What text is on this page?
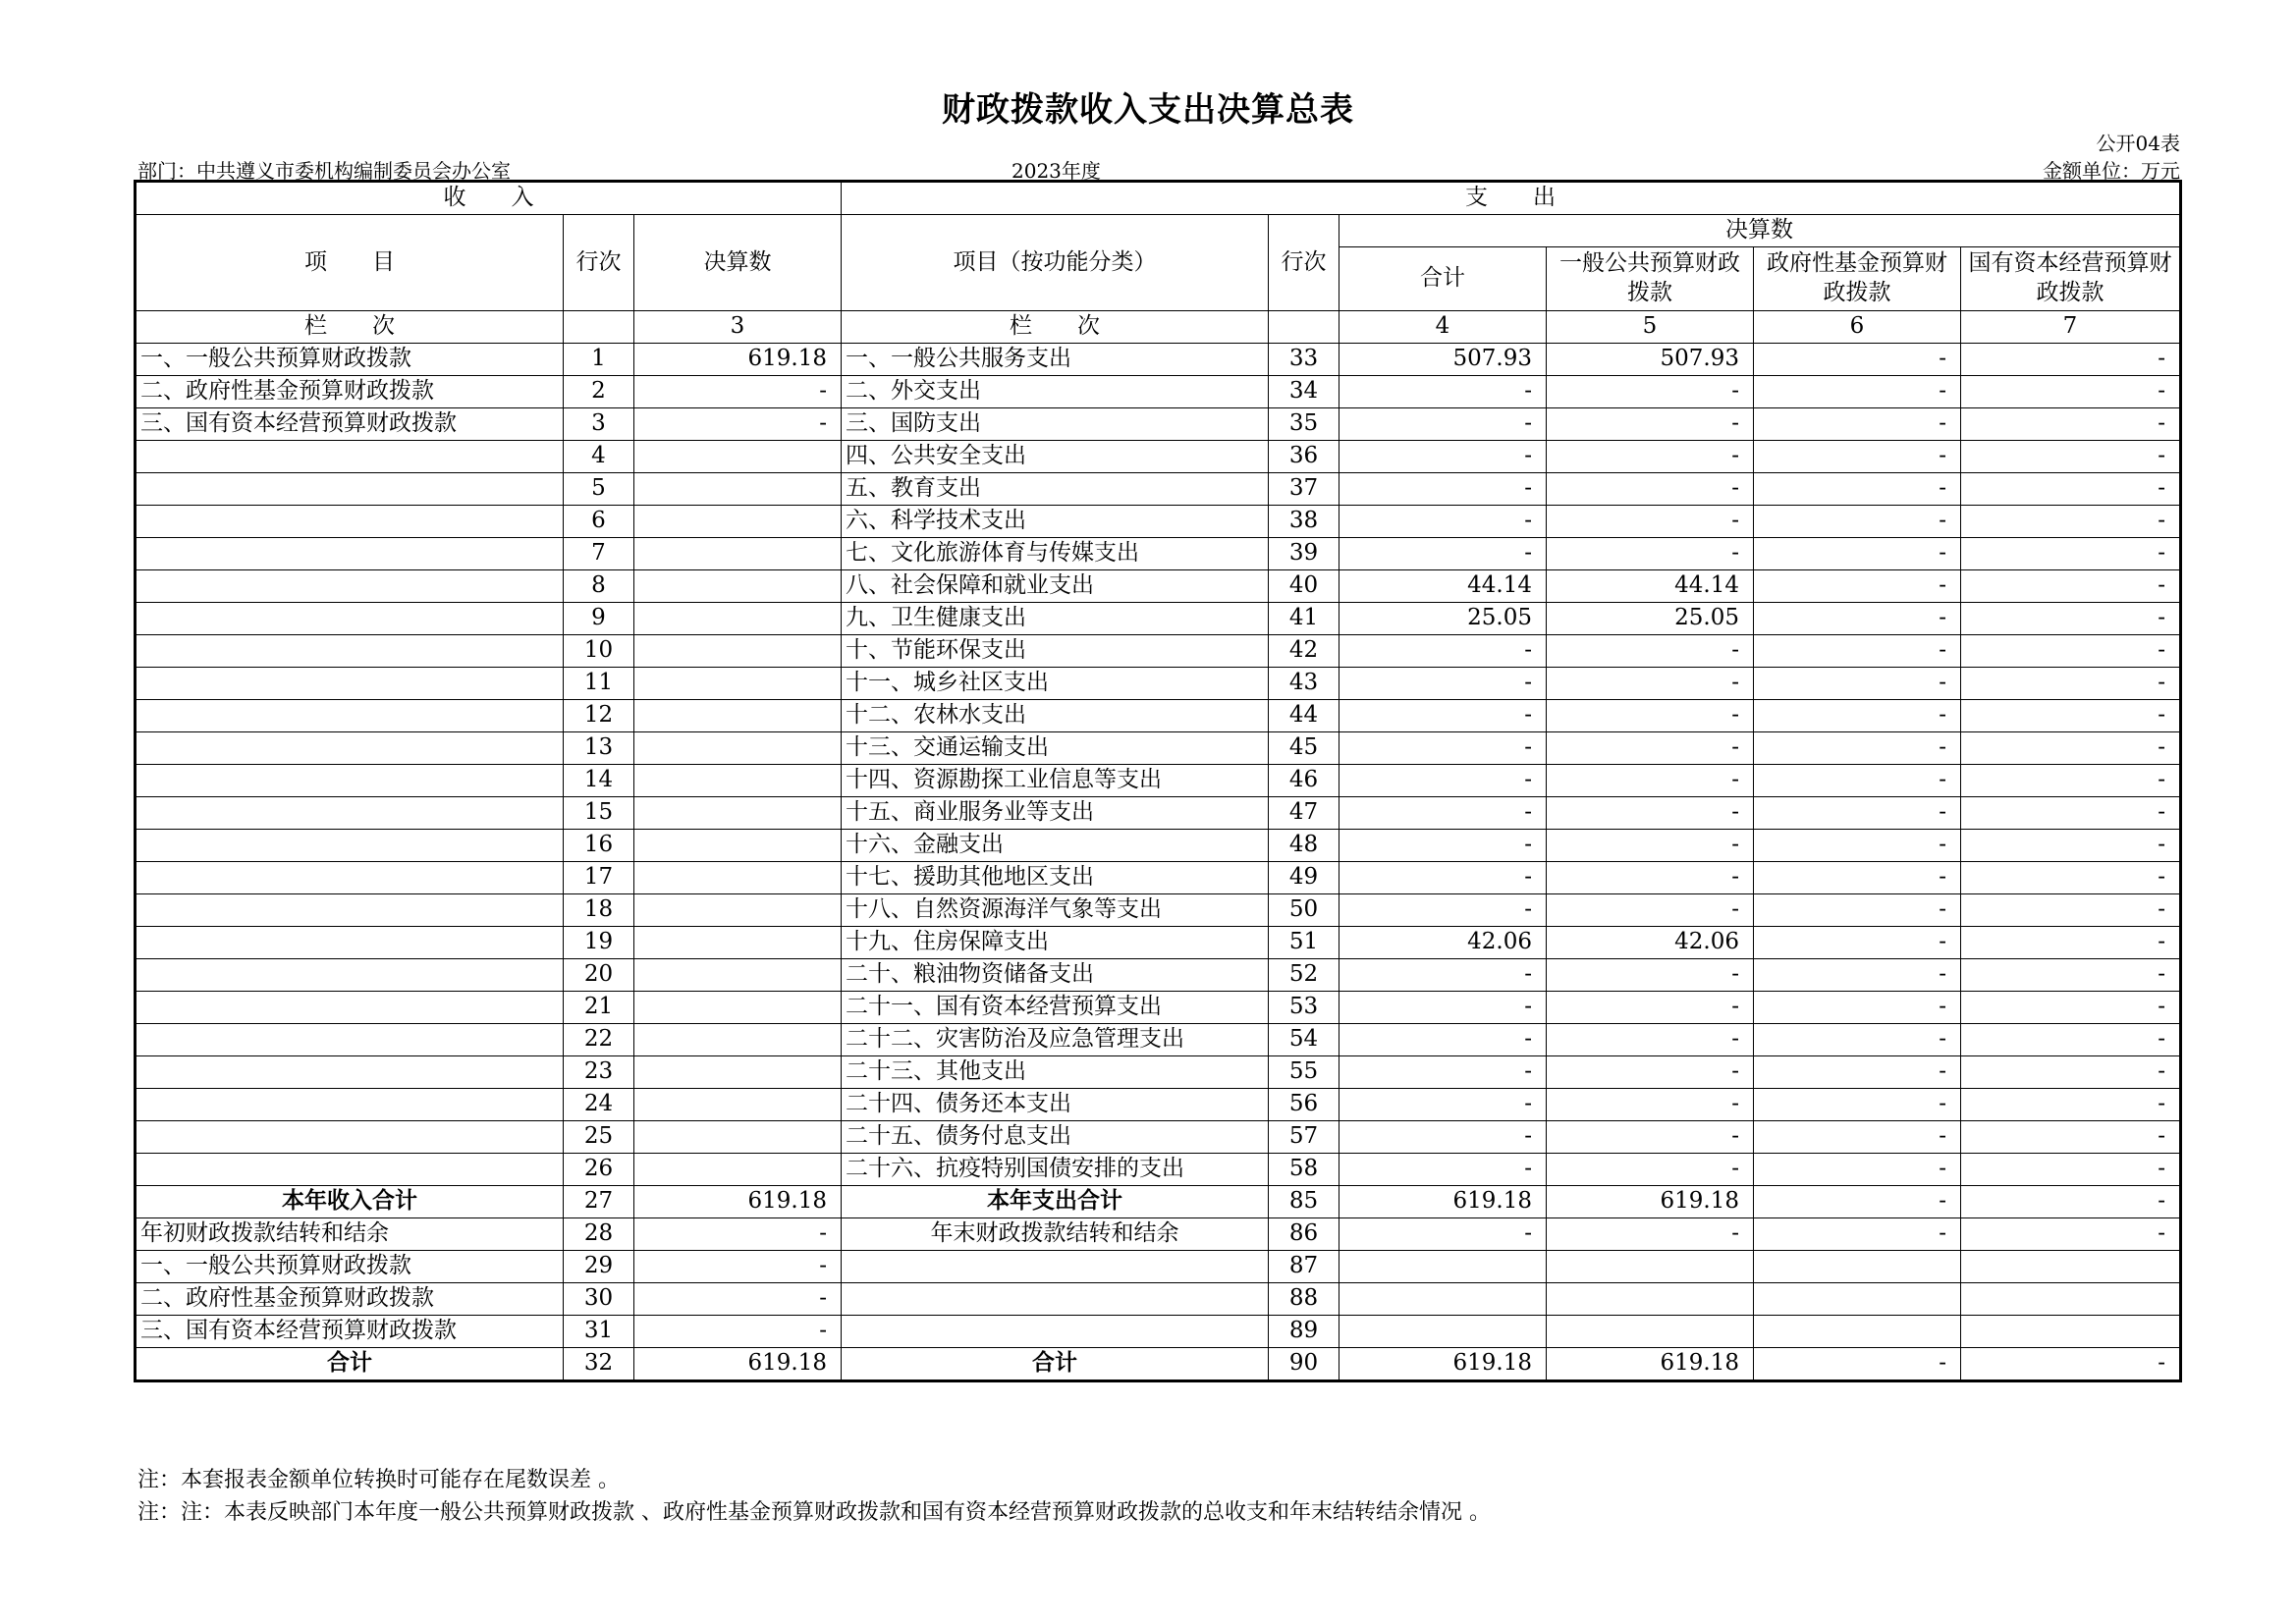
财政拨款收入支出决算总表
公开04表
部门：中共遵义市委机构编制委员会办公室	2023年度	金额单位：万元
收　　入			支　　出					
项　　目	行次	决算数	项目（按功能分类）	行次	决算数			
					合计	一般公共预算财政拨款	政府性基金预算财政拨款	国有资本经营预算财政拨款
栏　　次		3	栏　　次		4	5	6	7
一、一般公共预算财政拨款	1	619.18	一、一般公共服务支出	33	507.93	507.93	-	-
二、政府性基金预算财政拨款	2	-	二、外交支出	34	-	-	-	-
三、国有资本经营预算财政拨款	3	-	三、国防支出	35	-	-	-	-
	4		四、公共安全支出	36	-	-	-	-
	5		五、教育支出	37	-	-	-	-
	6		六、科学技术支出	38	-	-	-	-
	7		七、文化旅游体育与传媒支出	39	-	-	-	-
	8		八、社会保障和就业支出	40	44.14	44.14	-	-
	9		九、卫生健康支出	41	25.05	25.05	-	-
	10		十、节能环保支出	42	-	-	-	-
	11		十一、城乡社区支出	43	-	-	-	-
	12		十二、农林水支出	44	-	-	-	-
	13		十三、交通运输支出	45	-	-	-	-
	14		十四、资源勘探工业信息等支出	46	-	-	-	-
	15		十五、商业服务业等支出	47	-	-	-	-
	16		十六、金融支出	48	-	-	-	-
	17		十七、援助其他地区支出	49	-	-	-	-
	18		十八、自然资源海洋气象等支出	50	-	-	-	-
	19		十九、住房保障支出	51	42.06	42.06	-	-
	20		二十、粮油物资储备支出	52	-	-	-	-
	21		二十一、国有资本经营预算支出	53	-	-	-	-
	22		二十二、灾害防治及应急管理支出	54	-	-	-	-
	23		二十三、其他支出	55	-	-	-	-
	24		二十四、债务还本支出	56	-	-	-	-
	25		二十五、债务付息支出	57	-	-	-	-
	26		二十六、抗疫特别国债安排的支出	58	-	-	-	-
本年收入合计	27	619.18	本年支出合计	85	619.18	619.18	-	-
年初财政拨款结转和结余	28	-	年末财政拨款结转和结余	86	-	-	-	-
一、一般公共预算财政拨款	29	-		87				
二、政府性基金预算财政拨款	30	-		88				
三、国有资本经营预算财政拨款	31	-		89				
合计	32	619.18	合计	90	619.18	619.18	-	-
注：本套报表金额单位转换时可能存在尾数误差 。
注：注：本表反映部门本年度一般公共预算财政拨款 、政府性基金预算财政拨款和国有资本经营预算财政拨款的总收支和年末结转结余情况 。
